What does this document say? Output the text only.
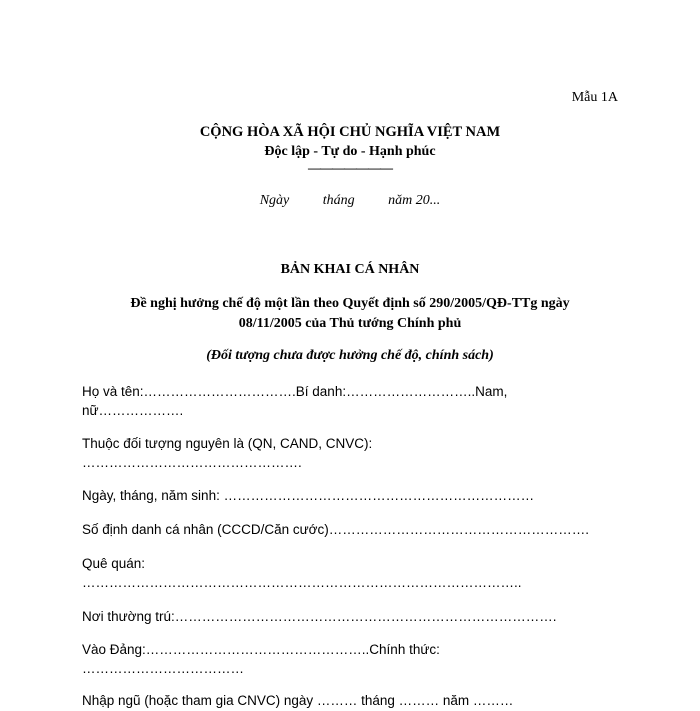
Mẫu 1A
CỘNG HÒA XÃ HỘI CHỦ NGHĨA VIỆT NAM
Độc lập - Tự do - Hạnh phúc
———————
Ngày tháng năm 20...
BẢN KHAI CÁ NHÂN
Đề nghị hưởng chế độ một lần theo Quyết định số 290/2005/QĐ-TTg ngày
08/11/2005 của Thủ tướng Chính phủ
(Đối tượng chưa được hưởng chế độ, chính sách)
Họ và tên:…………………………….Bí danh:………………………..Nam,
nữ……………….
Thuộc đối tượng nguyên là (QN, CAND, CNVC):
………………………………………….
Ngày, tháng, năm sinh: ……………………………………………………………
Số định danh cá nhân (CCCD/Căn cước)………………………………………………….
Quê quán:
……………………………………………………………………………………..
Nơi thường trú:………………………………………………………………………….
Vào Đảng:…………………………………………..Chính thức:
………………………………
Nhập ngũ (hoặc tham gia CNVC) ngày ……… tháng ……… năm ………
